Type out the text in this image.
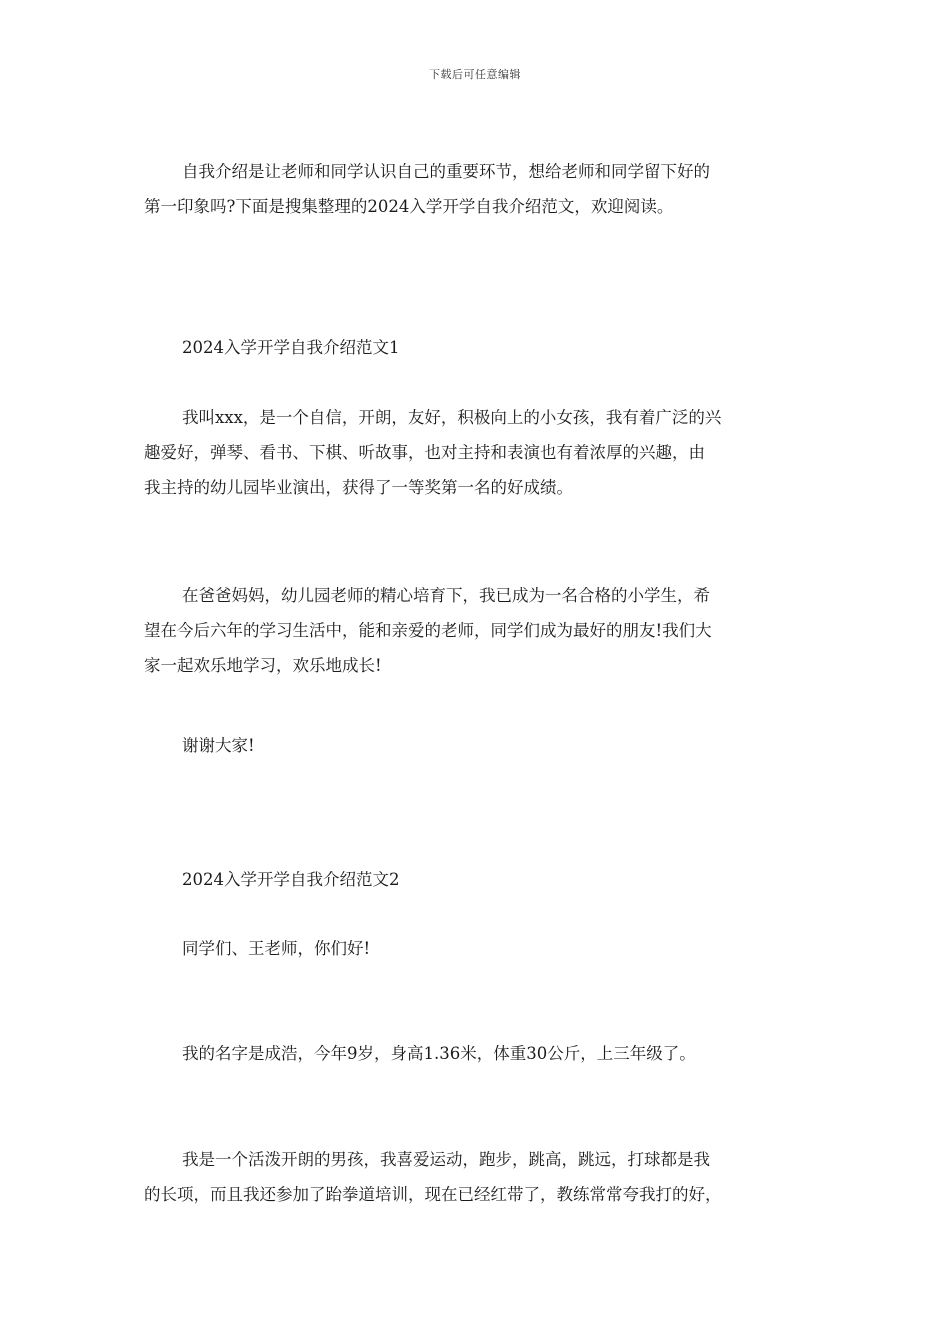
下载后可任意编辑
自我介绍是让老师和同学认识自己的重要环节，想给老师和同学留下好的
第一印象吗?下面是搜集整理的2024入学开学自我介绍范文，欢迎阅读。
2024入学开学自我介绍范文1
我叫xxx，是一个自信，开朗，友好，积极向上的小女孩，我有着广泛的兴
趣爱好，弹琴、看书、下棋、听故事，也对主持和表演也有着浓厚的兴趣，由
我主持的幼儿园毕业演出，获得了一等奖第一名的好成绩。
在爸爸妈妈，幼儿园老师的精心培育下，我已成为一名合格的小学生，希
望在今后六年的学习生活中，能和亲爱的老师，同学们成为最好的朋友!我们大
家一起欢乐地学习，欢乐地成长!
谢谢大家!
2024入学开学自我介绍范文2
同学们、王老师，你们好!
我的名字是成浩，今年9岁，身高1.36米，体重30公斤，上三年级了。
我是一个活泼开朗的男孩，我喜爱运动，跑步，跳高，跳远，打球都是我
的长项，而且我还参加了跆拳道培训，现在已经红带了，教练常常夸我打的好，
